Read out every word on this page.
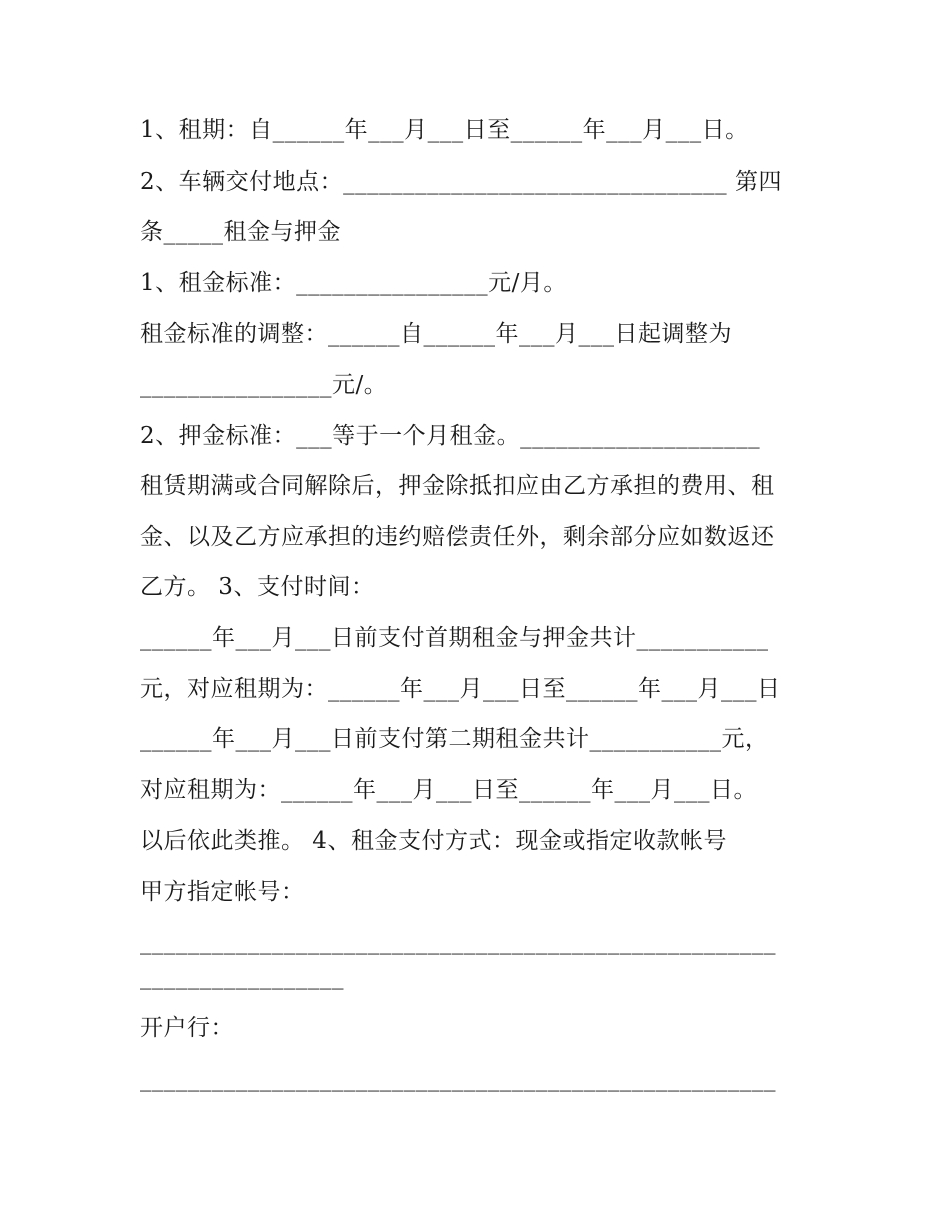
1、租期：自______年___月___日至______年___月___日。
2、车辆交付地点：________________________________ 第四
条_____租金与押金
1、租金标准：________________元/月。
租金标准的调整：______自______年___月___日起调整为
________________元/。
2、押金标准：___等于一个月租金。____________________
租赁期满或合同解除后，押金除抵扣应由乙方承担的费用、租
金、以及乙方应承担的违约赔偿责任外，剩余部分应如数返还
乙方。 3、支付时间：
______年___月___日前支付首期租金与押金共计___________
元，对应租期为：______年___月___日至______年___月___日
______年___月___日前支付第二期租金共计___________元，
对应租期为：______年___月___日至______年___月___日。
以后依此类推。 4、租金支付方式：现金或指定收款帐号
甲方指定帐号：
_____________________________________________________
_________________
开户行：
_____________________________________________________
